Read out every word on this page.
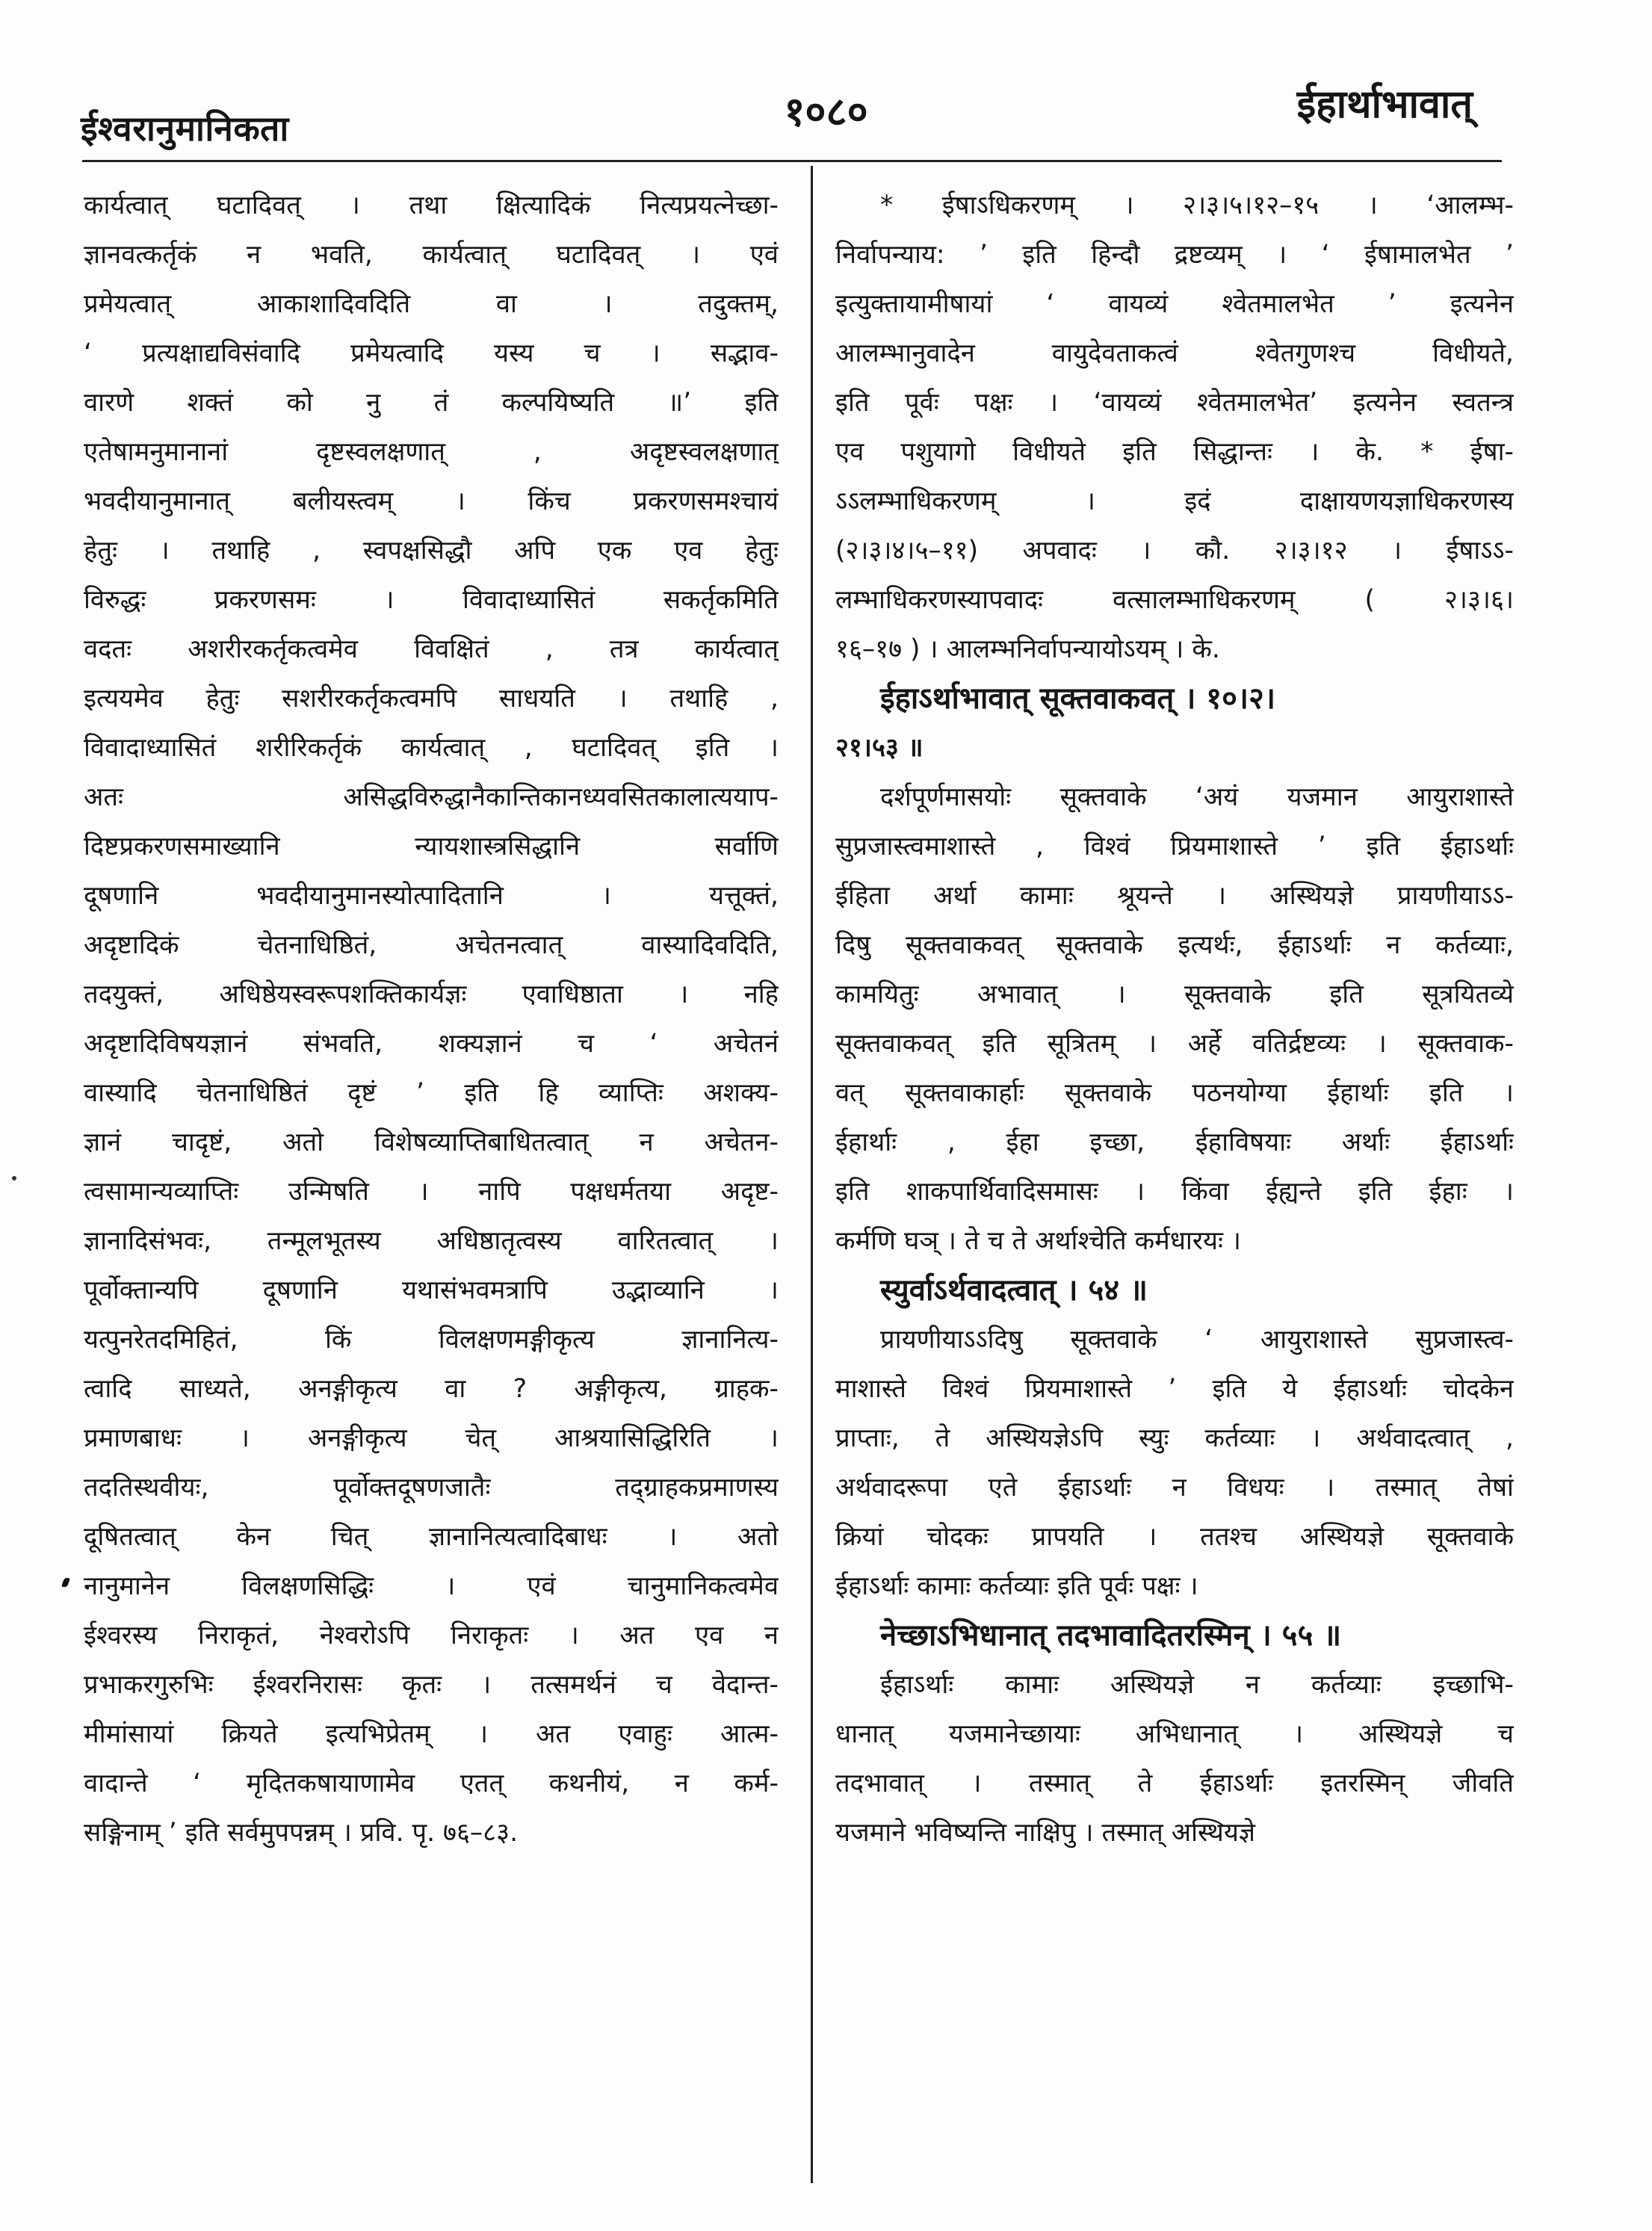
ईश्वरानुमानिकता	१०८०	ईहार्थाभावात्
कार्यत्वात् घटादिवत् । तथा क्षित्यादिकं नित्यप्रयत्नेच्छा-
ज्ञानवत्कर्तृकं न भवति, कार्यत्वात् घटादिवत् । एवं
प्रमेयत्वात् आकाशादिवदिति वा । तदुक्तम्,
‘ प्रत्यक्षाद्यविसंवादि प्रमेयत्वादि यस्य च । सद्भाव-
वारणे शक्तं को नु तं कल्पयिष्यति ॥’ इति
एतेषामनुमानानां दृष्टस्वलक्षणात् , अदृष्टस्वलक्षणात्
भवदीयानुमानात् बलीयस्त्वम् । किंच प्रकरणसमश्चायं
हेतुः । तथाहि , स्वपक्षसिद्धौ अपि एक एव हेतुः
विरुद्धः प्रकरणसमः । विवादाध्यासितं सकर्तृकमिति
वदतः अशरीरकर्तृकत्वमेव विवक्षितं , तत्र कार्यत्वात्
इत्ययमेव हेतुः सशरीरकर्तृकत्वमपि साधयति । तथाहि ,
विवादाध्यासितं शरीरिकर्तृकं कार्यत्वात् , घटादिवत् इति ।
अतः असिद्धविरुद्धानैकान्तिकानध्यवसितकालात्ययाप-
दिष्टप्रकरणसमाख्यानि न्यायशास्त्रसिद्धानि सर्वाणि
दूषणानि भवदीयानुमानस्योत्पादितानि । यत्तूक्तं,
अदृष्टादिकं चेतनाधिष्ठितं, अचेतनत्वात् वास्यादिवदिति,
तदयुक्तं, अधिष्ठेयस्वरूपशक्तिकार्यज्ञः एवाधिष्ठाता । नहि
अदृष्टादिविषयज्ञानं संभवति, शक्यज्ञानं च ‘ अचेतनं
वास्यादि चेतनाधिष्ठितं दृष्टं ’ इति हि व्याप्तिः अशक्य-
ज्ञानं चादृष्टं, अतो विशेषव्याप्तिबाधितत्वात् न अचेतन-
त्वसामान्यव्याप्तिः उन्मिषति । नापि पक्षधर्मतया अदृष्ट-
ज्ञानादिसंभवः, तन्मूलभूतस्य अधिष्ठातृत्वस्य वारितत्वात् ।
पूर्वोक्तान्यपि दूषणानि यथासंभवमत्रापि उद्भाव्यानि ।
यत्पुनरेतदमिहितं, किं विलक्षणमङ्गीकृत्य ज्ञानानित्य-
त्वादि साध्यते, अनङ्गीकृत्य वा ? अङ्गीकृत्य, ग्राहक-
प्रमाणबाधः । अनङ्गीकृत्य चेत् आश्रयासिद्धिरिति ।
तदतिस्थवीयः, पूर्वोक्तदूषणजातैः तद्ग्राहकप्रमाणस्य
दूषितत्वात् केन चित् ज्ञानानित्यत्वादिबाधः । अतो
नानुमानेन विलक्षणसिद्धिः । एवं चानुमानिकत्वमेव
ईश्वरस्य निराकृतं, नेश्वरोऽपि निराकृतः । अत एव न
प्रभाकरगुरुभिः ईश्वरनिरासः कृतः । तत्समर्थनं च वेदान्त-
मीमांसायां क्रियते इत्यभिप्रेतम् । अत एवाहुः आत्म-
वादान्ते ‘ मृदितकषायाणामेव एतत् कथनीयं, न कर्म-
सङ्गिनाम् ’ इति सर्वमुपपन्नम् । प्रवि. पृ. ७६–८३.
* ईषाऽधिकरणम् । २।३।५।१२–१५ । ‘आलम्भ-
निर्वापन्याय: ’ इति हिन्दौ द्रष्टव्यम् । ‘ ईषामालभेत ’
इत्युक्तायामीषायां ‘ वायव्यं श्वेतमालभेत ’ इत्यनेन
आलम्भानुवादेन वायुदेवताकत्वं श्वेतगुणश्च विधीयते,
इति पूर्वः पक्षः । ‘वायव्यं श्वेतमालभेत’ इत्यनेन स्वतन्त्र
एव पशुयागो विधीयते इति सिद्धान्तः । के. * ईषा-
ऽऽलम्भाधिकरणम् । इदं दाक्षायणयज्ञाधिकरणस्य
(२।३।४।५–११) अपवादः । कौ. २।३।१२ । ईषाऽऽ-
लम्भाधिकरणस्यापवादः वत्सालम्भाधिकरणम् ( २।३।६।
१६–१७ ) । आलम्भनिर्वापन्यायोऽयम् । के.
ईहाऽर्थाभावात् सूक्तवाकवत् । १०।२।
२१।५३ ॥
दर्शपूर्णमासयोः सूक्तवाके ‘अयं यजमान आयुराशास्ते
सुप्रजास्त्वमाशास्ते , विश्वं प्रियमाशास्ते ’ इति ईहाऽर्थाः
ईहिता अर्था कामाः श्रूयन्ते । अस्थियज्ञे प्रायणीयाऽऽ-
दिषु सूक्तवाकवत् सूक्तवाके इत्यर्थः, ईहाऽर्थाः न कर्तव्याः,
कामयितुः अभावात् । सूक्तवाके इति सूत्रयितव्ये
सूक्तवाकवत् इति सूत्रितम् । अर्हे वतिर्द्रष्टव्यः । सूक्तवाक-
वत् सूक्तवाकार्हाः सूक्तवाके पठनयोग्या ईहार्थाः इति ।
ईहार्थाः , ईहा इच्छा, ईहाविषयाः अर्थाः ईहाऽर्थाः
इति शाकपार्थिवादिसमासः । किंवा ईह्यन्ते इति ईहाः ।
कर्मणि घञ् । ते च ते अर्थाश्चेति कर्मधारयः ।
स्युर्वाऽर्थवादत्वात् । ५४ ॥
प्रायणीयाऽऽदिषु सूक्तवाके ‘ आयुराशास्ते सुप्रजास्त्व-
माशास्ते विश्वं प्रियमाशास्ते ’ इति ये ईहाऽर्थाः चोदकेन
प्राप्ताः, ते अस्थियज्ञेऽपि स्युः कर्तव्याः । अर्थवादत्वात् ,
अर्थवादरूपा एते ईहाऽर्थाः न विधयः । तस्मात् तेषां
क्रियां चोदकः प्रापयति । ततश्च अस्थियज्ञे सूक्तवाके
ईहाऽर्थाः कामाः कर्तव्याः इति पूर्वः पक्षः ।
नेच्छाऽभिधानात् तदभावादितरस्मिन् । ५५ ॥
ईहाऽर्थाः कामाः अस्थियज्ञे न कर्तव्याः इच्छाभि-
धानात् यजमानेच्छायाः अभिधानात् । अस्थियज्ञे च
तदभावात् । तस्मात् ते ईहाऽर्थाः इतरस्मिन् जीवति
यजमाने भविष्यन्ति नाक्षिपु । तस्मात् अस्थियज्ञे
